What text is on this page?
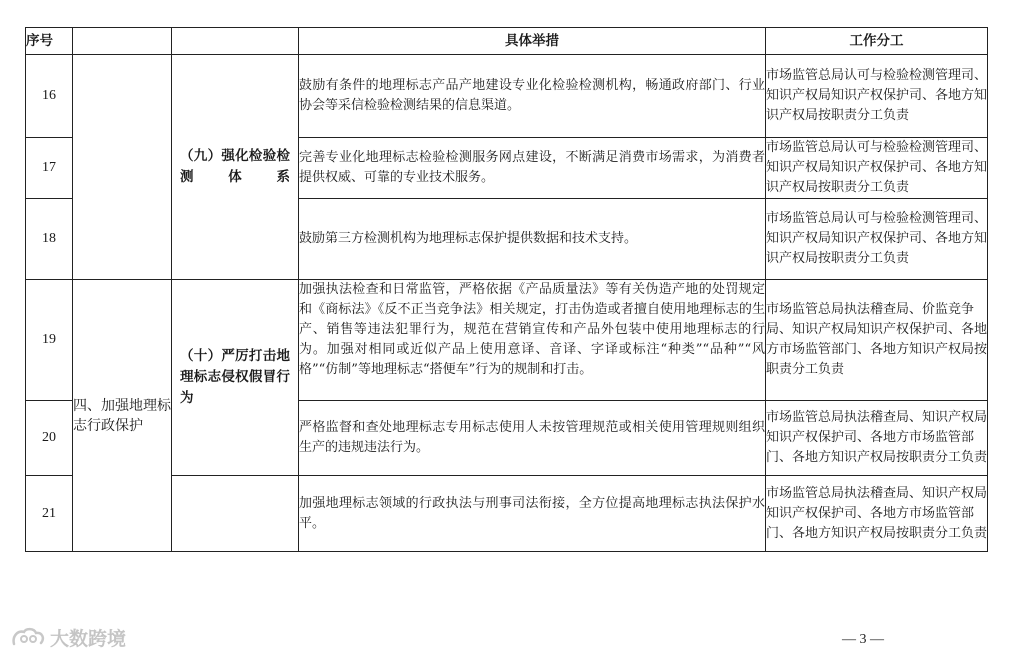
序号			具体举措	工作分工
16		（九）强化检验检测体系	鼓励有条件的地理标志产品产地建设专业化检验检测机构，畅通政府部门、行业协会等采信检验检测结果的信息渠道。	市场监管总局认可与检验检测管理司、知识产权局知识产权保护司、各地方知识产权局按职责分工负责
17			完善专业化地理标志检验检测服务网点建设，不断满足消费市场需求，为消费者提供权威、可靠的专业技术服务。	市场监管总局认可与检验检测管理司、知识产权局知识产权保护司、各地方知识产权局按职责分工负责
18			鼓励第三方检测机构为地理标志保护提供数据和技术支持。	市场监管总局认可与检验检测管理司、知识产权局知识产权保护司、各地方知识产权局按职责分工负责
19	四、加强地理标志行政保护	（十）严厉打击地理标志侵权假冒行为	加强执法检查和日常监管，严格依据《产品质量法》等有关伪造产地的处罚规定和《商标法》《反不正当竞争法》相关规定，打击伪造或者擅自使用地理标志的生产、销售等违法犯罪行为，规范在营销宣传和产品外包装中使用地理标志的行为。加强对相同或近似产品上使用意译、音译、字译或标注“种类”“品种”“风格”“仿制”等地理标志“搭便车”行为的规制和打击。	市场监管总局执法稽查局、价监竞争局、知识产权局知识产权保护司、各地方市场监管部门、各地方知识产权局按职责分工负责
20			严格监督和查处地理标志专用标志使用人未按管理规范或相关使用管理规则组织生产的违规违法行为。	市场监管总局执法稽查局、知识产权局知识产权保护司、各地方市场监管部门、各地方知识产权局按职责分工负责
21			加强地理标志领域的行政执法与刑事司法衔接，全方位提高地理标志执法保护水平。	市场监管总局执法稽查局、知识产权局知识产权保护司、各地方市场监管部门、各地方知识产权局按职责分工负责
大数跨境	— 3 —
